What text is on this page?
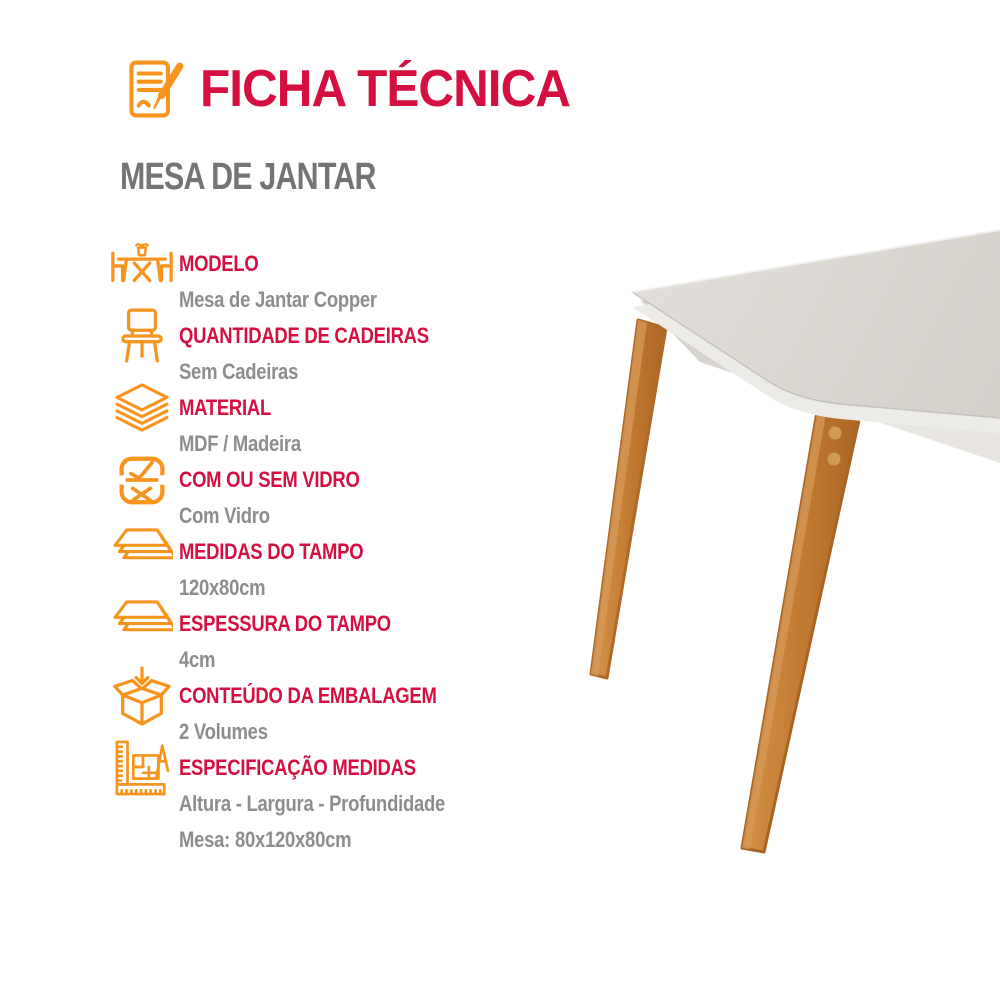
FICHA TÉCNICA
MESA DE JANTAR
MODELO
Mesa de Jantar Copper
QUANTIDADE DE CADEIRAS
Sem Cadeiras
MATERIAL
MDF / Madeira
COM OU SEM VIDRO
Com Vidro
MEDIDAS DO TAMPO
120x80cm
ESPESSURA DO TAMPO
4cm
CONTEÚDO DA EMBALAGEM
2 Volumes
ESPECIFICAÇÃO MEDIDAS
Altura - Largura - Profundidade
Mesa: 80x120x80cm
